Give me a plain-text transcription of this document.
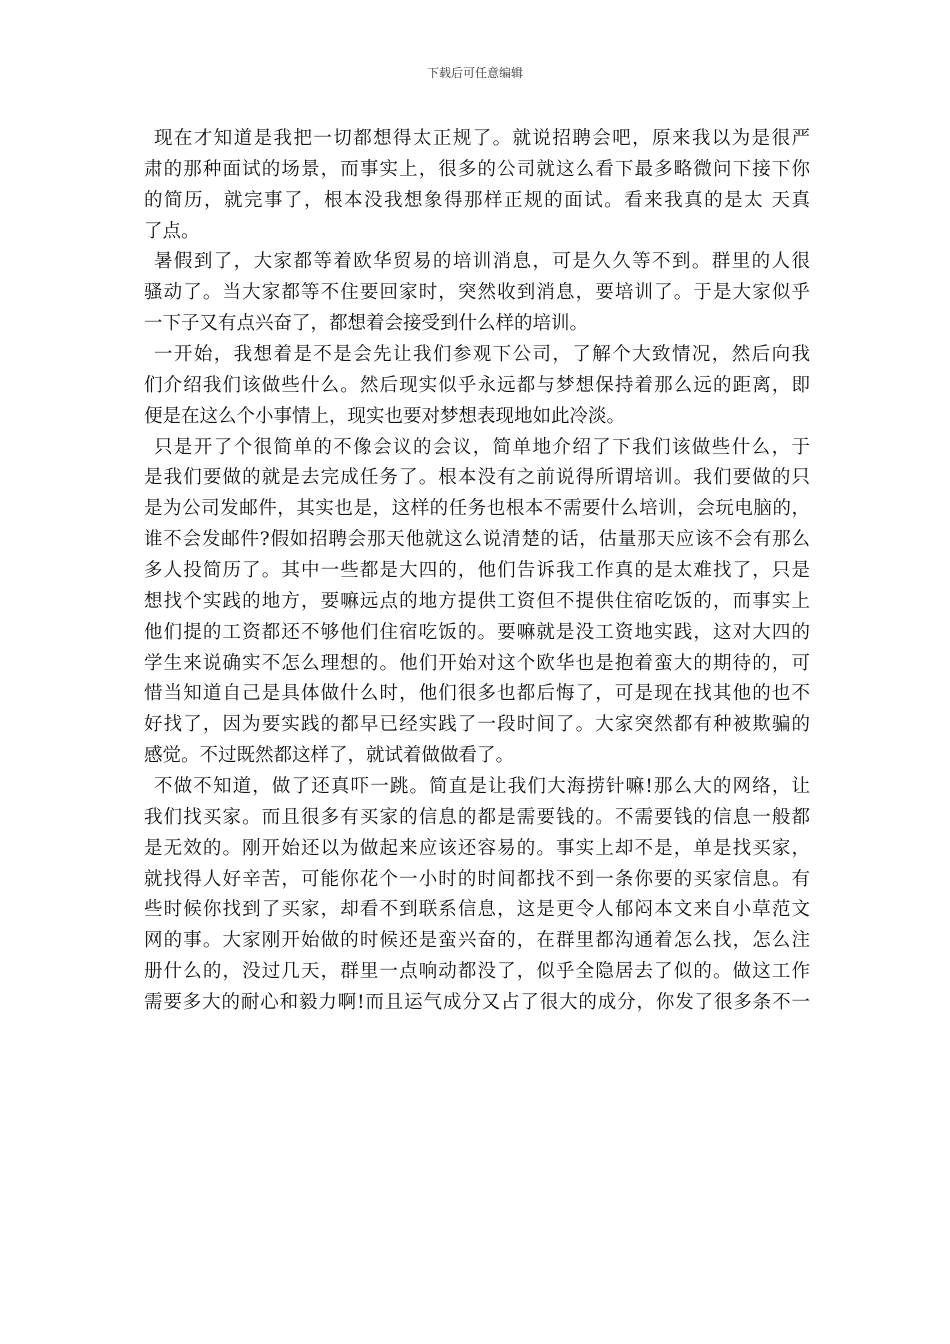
下载后可任意编辑
现在才知道是我把一切都想得太正规了。就说招聘会吧，原来我以为是很严
肃的那种面试的场景，而事实上，很多的公司就这么看下最多略微问下接下你
的简历，就完事了，根本没我想象得那样正规的面试。看来我真的是太 天真
了点。
暑假到了，大家都等着欧华贸易的培训消息，可是久久等不到。群里的人很
骚动了。当大家都等不住要回家时，突然收到消息，要培训了。于是大家似乎
一下子又有点兴奋了，都想着会接受到什么样的培训。
一开始，我想着是不是会先让我们参观下公司，了解个大致情况，然后向我
们介绍我们该做些什么。然后现实似乎永远都与梦想保持着那么远的距离，即
便是在这么个小事情上，现实也要对梦想表现地如此冷淡。
只是开了个很简单的不像会议的会议，简单地介绍了下我们该做些什么，于
是我们要做的就是去完成任务了。根本没有之前说得所谓培训。我们要做的只
是为公司发邮件，其实也是，这样的任务也根本不需要什么培训，会玩电脑的，
谁不会发邮件?假如招聘会那天他就这么说清楚的话，估量那天应该不会有那么
多人投简历了。其中一些都是大四的，他们告诉我工作真的是太难找了，只是
想找个实践的地方，要嘛远点的地方提供工资但不提供住宿吃饭的，而事实上
他们提的工资都还不够他们住宿吃饭的。要嘛就是没工资地实践，这对大四的
学生来说确实不怎么理想的。他们开始对这个欧华也是抱着蛮大的期待的，可
惜当知道自己是具体做什么时，他们很多也都后悔了，可是现在找其他的也不
好找了，因为要实践的都早已经实践了一段时间了。大家突然都有种被欺骗的
感觉。不过既然都这样了，就试着做做看了。
不做不知道，做了还真吓一跳。简直是让我们大海捞针嘛!那么大的网络，让
我们找买家。而且很多有买家的信息的都是需要钱的。不需要钱的信息一般都
是无效的。刚开始还以为做起来应该还容易的。事实上却不是，单是找买家，
就找得人好辛苦，可能你花个一小时的时间都找不到一条你要的买家信息。有
些时候你找到了买家，却看不到联系信息，这是更令人郁闷本文来自小草范文
网的事。大家刚开始做的时候还是蛮兴奋的，在群里都沟通着怎么找，怎么注
册什么的，没过几天，群里一点响动都没了，似乎全隐居去了似的。做这工作
需要多大的耐心和毅力啊!而且运气成分又占了很大的成分，你发了很多条不一
